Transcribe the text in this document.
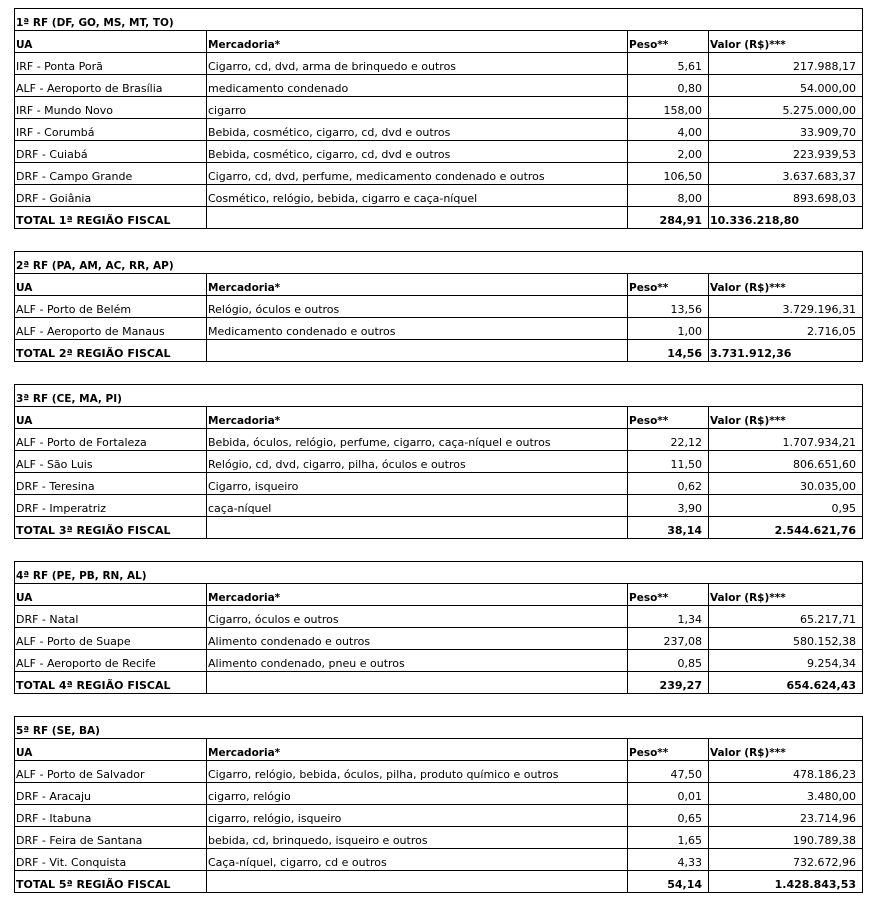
1ª RF (DF, GO, MS, MT, TO)			
UA	Mercadoria*	Peso**	Valor (R$)***
IRF - Ponta Porã	Cigarro, cd, dvd, arma de brinquedo e outros	5,61	217.988,17
ALF - Aeroporto de Brasília	medicamento condenado	0,80	54.000,00
IRF - Mundo Novo	cigarro	158,00	5.275.000,00
IRF - Corumbá	Bebida, cosmético, cigarro, cd, dvd e outros	4,00	33.909,70
DRF - Cuiabá	Bebida, cosmético, cigarro, cd, dvd e outros	2,00	223.939,53
DRF - Campo Grande	Cigarro, cd, dvd, perfume, medicamento condenado e outros	106,50	3.637.683,37
DRF - Goiânia	Cosmético, relógio, bebida, cigarro e caça-níquel	8,00	893.698,03
TOTAL 1ª REGIÃO FISCAL		284,91	10.336.218,80
2ª RF (PA, AM, AC, RR, AP)			
UA	Mercadoria*	Peso**	Valor (R$)***
ALF - Porto de Belém	Relógio, óculos e outros	13,56	3.729.196,31
ALF - Aeroporto de Manaus	Medicamento condenado e outros	1,00	2.716,05
TOTAL 2ª REGIÃO FISCAL		14,56	3.731.912,36
3ª RF (CE, MA, PI)			
UA	Mercadoria*	Peso**	Valor (R$)***
ALF - Porto de Fortaleza	Bebida, óculos, relógio, perfume, cigarro, caça-níquel e outros	22,12	1.707.934,21
ALF - São Luis	Relógio, cd, dvd, cigarro, pilha, óculos e outros	11,50	806.651,60
DRF - Teresina	Cigarro, isqueiro	0,62	30.035,00
DRF - Imperatriz	caça-níquel	3,90	0,95
TOTAL 3ª REGIÃO FISCAL		38,14	2.544.621,76
4ª RF (PE, PB, RN, AL)			
UA	Mercadoria*	Peso**	Valor (R$)***
DRF - Natal	Cigarro, óculos e outros	1,34	65.217,71
ALF - Porto de Suape	Alimento condenado e outros	237,08	580.152,38
ALF - Aeroporto de Recife	Alimento condenado, pneu e outros	0,85	9.254,34
TOTAL 4ª REGIÃO FISCAL		239,27	654.624,43
5ª RF (SE, BA)			
UA	Mercadoria*	Peso**	Valor (R$)***
ALF - Porto de Salvador	Cigarro, relógio, bebida, óculos, pilha, produto químico e outros	47,50	478.186,23
DRF - Aracaju	cigarro, relógio	0,01	3.480,00
DRF - Itabuna	cigarro, relógio, isqueiro	0,65	23.714,96
DRF - Feira de Santana	bebida, cd, brinquedo, isqueiro e outros	1,65	190.789,38
DRF - Vit. Conquista	Caça-níquel, cigarro, cd e outros	4,33	732.672,96
TOTAL 5ª REGIÃO FISCAL		54,14	1.428.843,53
